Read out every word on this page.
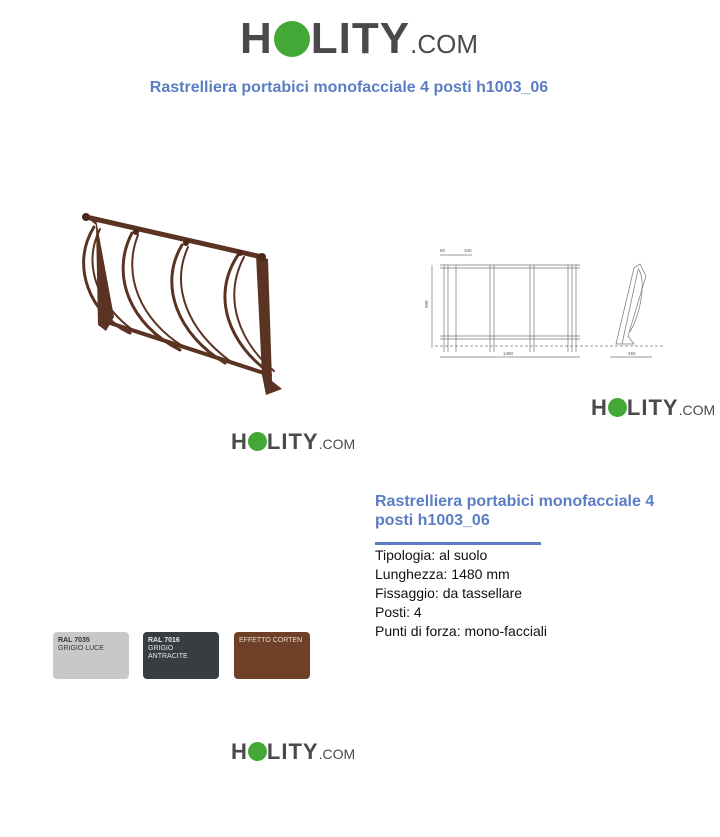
H LITY .COM
Rastrelliera portabici monofacciale 4 posti h1003_06
H LITY .COM
80	340
990
1480	450
H LITY .COM
Rastrelliera portabici monofacciale 4 posti h1003_06
Tipologia: al suolo
Lunghezza: 1480 mm
Fissaggio: da tassellare
Posti: 4
Punti di forza: mono-facciali
RAL 7035
GRIGIO LUCE
RAL 7016
GRIGIO ANTRACITE
EFFETTO CORTEN
H LITY .COM
